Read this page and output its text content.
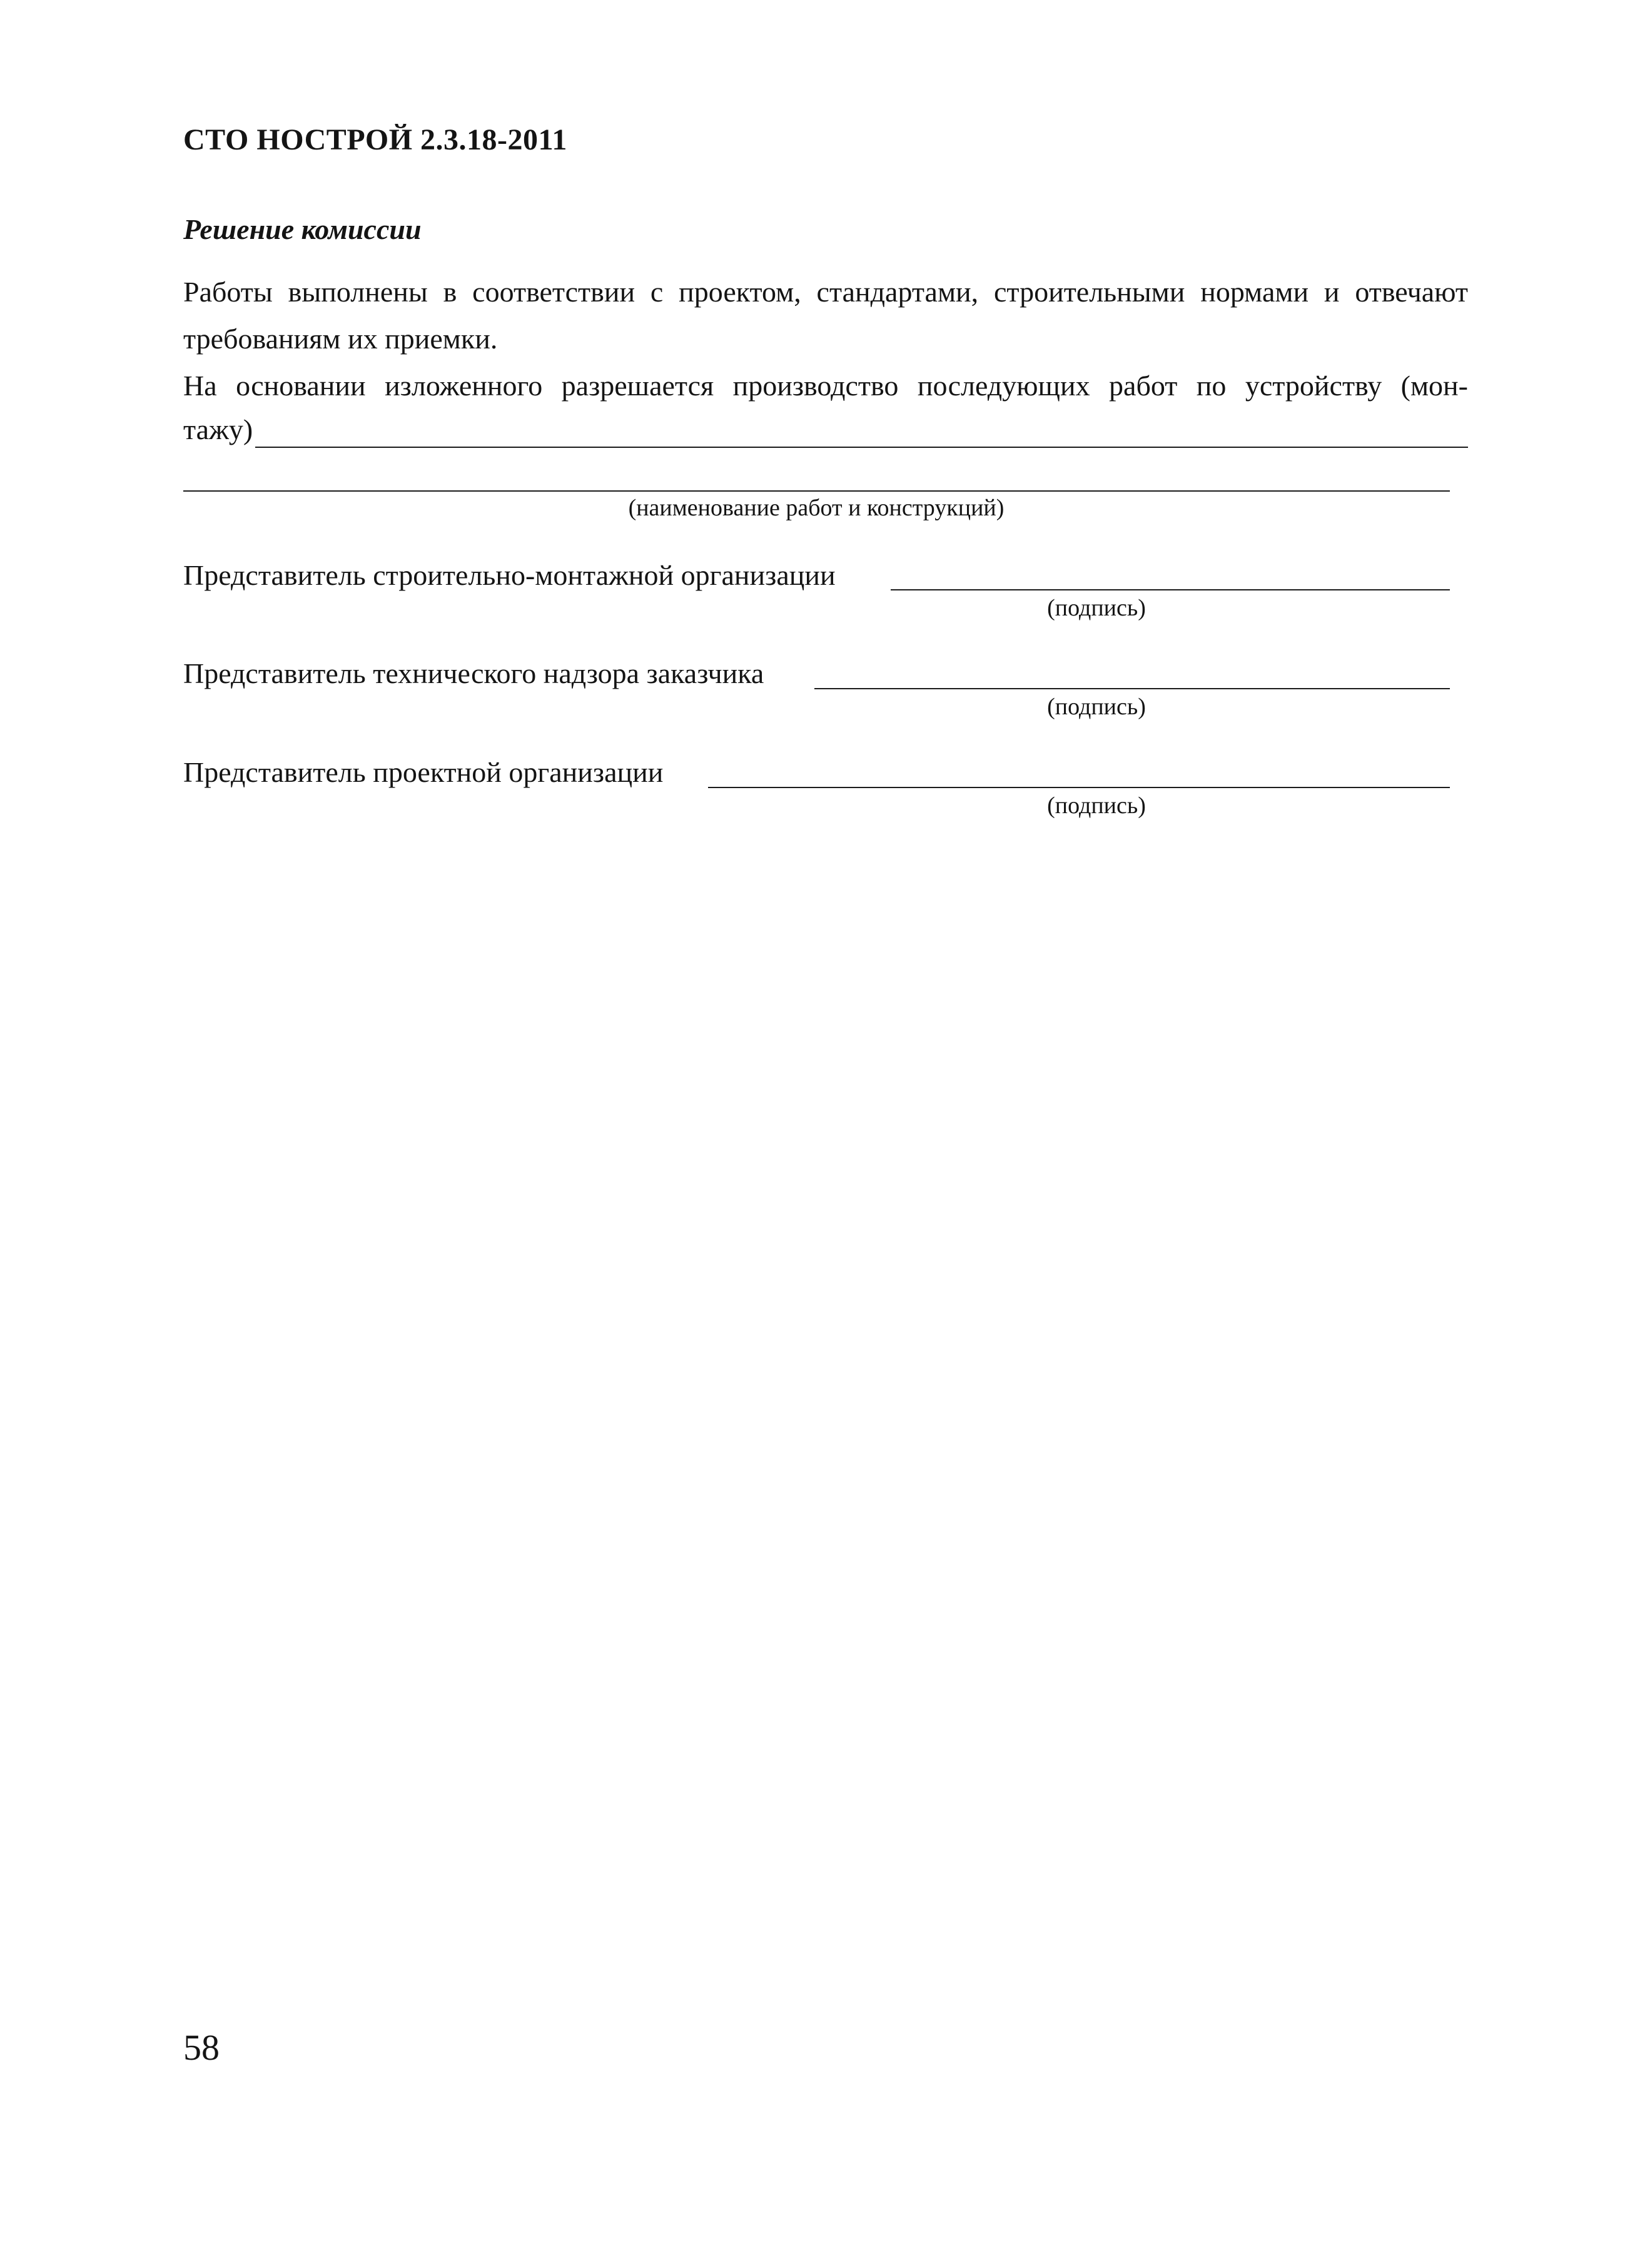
СТО НОСТРОЙ 2.3.18-2011
Решение комиссии
Работы выполнены в соответствии с проектом, стандартами, строительными нормами и отвечают
требованиям их приемки.
На основании изложенного разрешается производство последующих работ по устройству (мон-
тажу)
(наименование работ и конструкций)
Представитель строительно-монтажной организации
(подпись)
Представитель технического надзора заказчика
(подпись)
Представитель проектной организации
(подпись)
58
